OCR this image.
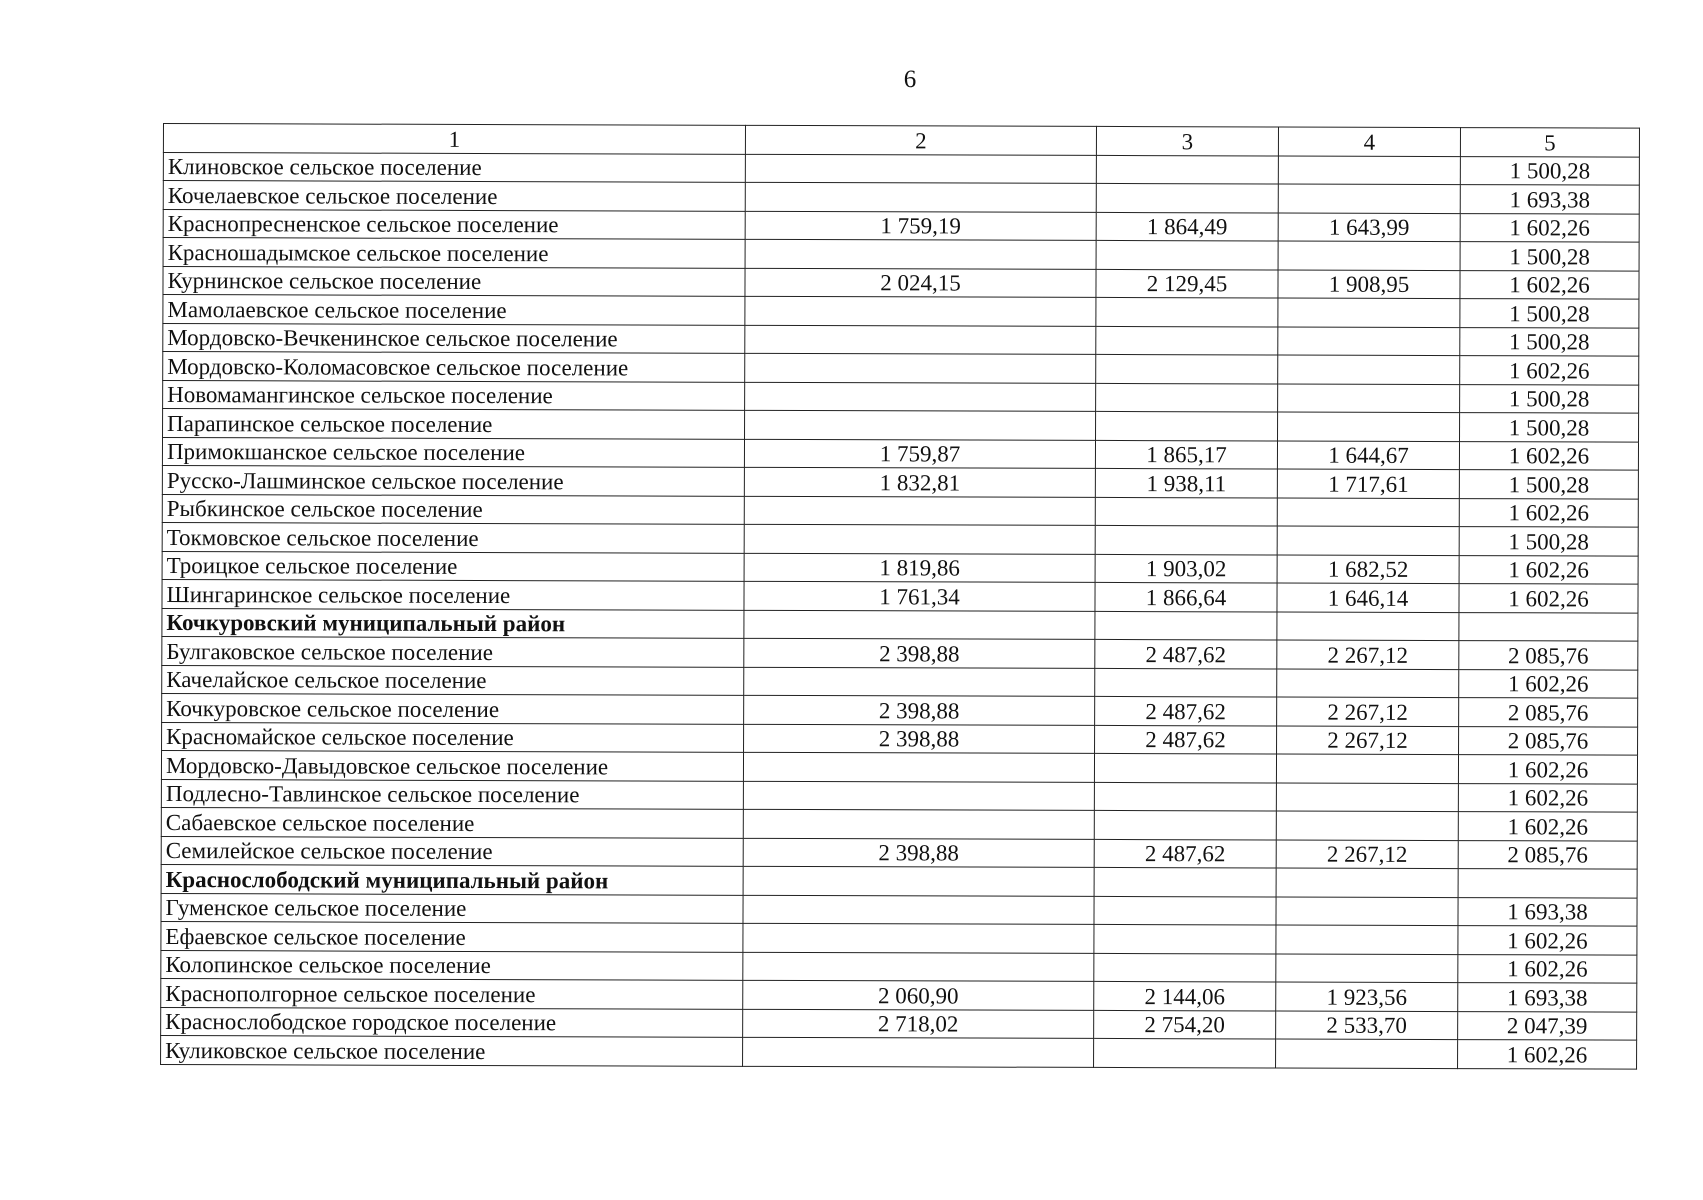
6
1	2	3	4	5
Клиновское сельское поселение				1 500,28
Кочелаевское сельское поселение				1 693,38
Краснопресненское сельское поселение	1 759,19	1 864,49	1 643,99	1 602,26
Красношадымское сельское поселение				1 500,28
Курнинское сельское поселение	2 024,15	2 129,45	1 908,95	1 602,26
Мамолаевское сельское поселение				1 500,28
Мордовско-Вечкенинское сельское поселение				1 500,28
Мордовско-Коломасовское сельское поселение				1 602,26
Новомамангинское сельское поселение				1 500,28
Парапинское сельское поселение				1 500,28
Примокшанское сельское поселение	1 759,87	1 865,17	1 644,67	1 602,26
Русско-Лашминское сельское поселение	1 832,81	1 938,11	1 717,61	1 500,28
Рыбкинское сельское поселение				1 602,26
Токмовское сельское поселение				1 500,28
Троицкое сельское поселение	1 819,86	1 903,02	1 682,52	1 602,26
Шингаринское сельское поселение	1 761,34	1 866,64	1 646,14	1 602,26
Кочкуровский муниципальный район				
Булгаковское сельское поселение	2 398,88	2 487,62	2 267,12	2 085,76
Качелайское сельское поселение				1 602,26
Кочкуровское сельское поселение	2 398,88	2 487,62	2 267,12	2 085,76
Красномайское сельское поселение	2 398,88	2 487,62	2 267,12	2 085,76
Мордовско-Давыдовское сельское поселение				1 602,26
Подлесно-Тавлинское сельское поселение				1 602,26
Сабаевское сельское поселение				1 602,26
Семилейское сельское поселение	2 398,88	2 487,62	2 267,12	2 085,76
Краснослободский муниципальный район				
Гуменское сельское поселение				1 693,38
Ефаевское сельское поселение				1 602,26
Колопинское сельское поселение				1 602,26
Краснополгорное сельское поселение	2 060,90	2 144,06	1 923,56	1 693,38
Краснослободское городское поселение	2 718,02	2 754,20	2 533,70	2 047,39
Куликовское сельское поселение				1 602,26
